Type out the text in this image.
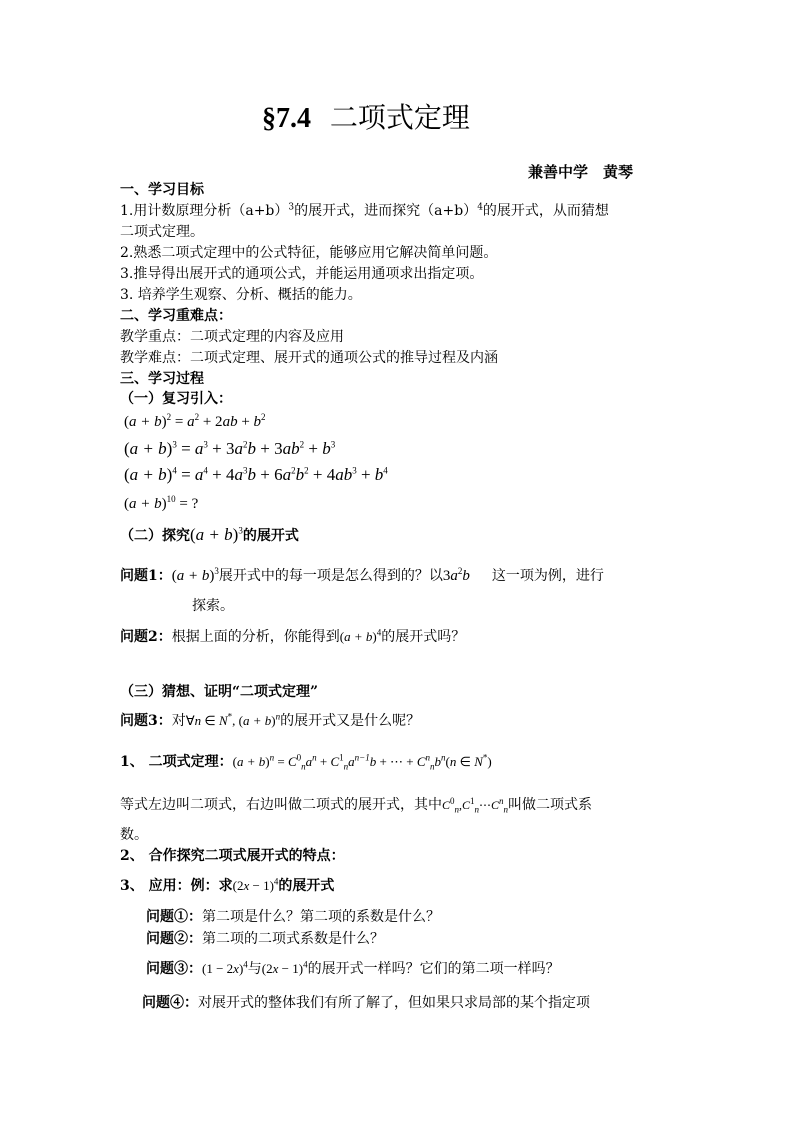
§7.4 二项式定理
兼善中学　黄琴
一、学习目标
1.用计数原理分析$(a+b)^3$的展开式，进而探究$(a+b)^4$的展开式，从而猜想
二项式定理。
2.熟悉二项式定理中的公式特征，能够应用它解决简单问题。
3.推导得出展开式的通项公式，并能运用通项求出指定项。
3. 培养学生观察、分析、概括的能力。
二、学习重难点：
教学重点：二项式定理的内容及应用
教学难点：二项式定理、展开式的通项公式的推导过程及内涵
三、学习过程
（一）复习引入：
$(a + b)^2 = a^2 + 2ab + b^2$
$(a + b)^3 = a^3 + 3a^2b + 3ab^2 + b^3$
$(a + b)^4 = a^4 + 4a^3b + 6a^2b^2 + 4ab^3 + b^4$
$(a + b)^{10}$ = ?
（二）探究$(a + b)^3$的展开式
问题1：$(a + b)^3$展开式中的每一项是怎么得到的？以$3a^2b$ 这一项为例，进行
探索。
问题2：根据上面的分析，你能得到$(a + b)^4$的展开式吗？
（三）猜想、证明“二项式定理”
问题3：对∀n ∈ N*, $(a + b)^n$的展开式又是什么呢？
1、 二项式定理：$(a + b)^n = C^0_na^n + C^1_na^{n-1}b$ + ⋯ + $C^n_nb^n(n$ ∈ N*)
等式左边叫二项式，右边叫做二项式的展开式，其中$C^0_n,C^1_n\cdots C^n_n$叫做二项式系
数。
2、 合作探究二项式展开式的特点：
3、 应用：例：求$(2x - 1)^4$的展开式
问题①：第二项是什么？第二项的系数是什么？
问题②：第二项的二项式系数是什么？
问题③：$(1 - 2x)^4$与$(2x - 1)^4$的展开式一样吗？它们的第二项一样吗？
问题④：对展开式的整体我们有所了解了，但如果只求局部的某个指定项
